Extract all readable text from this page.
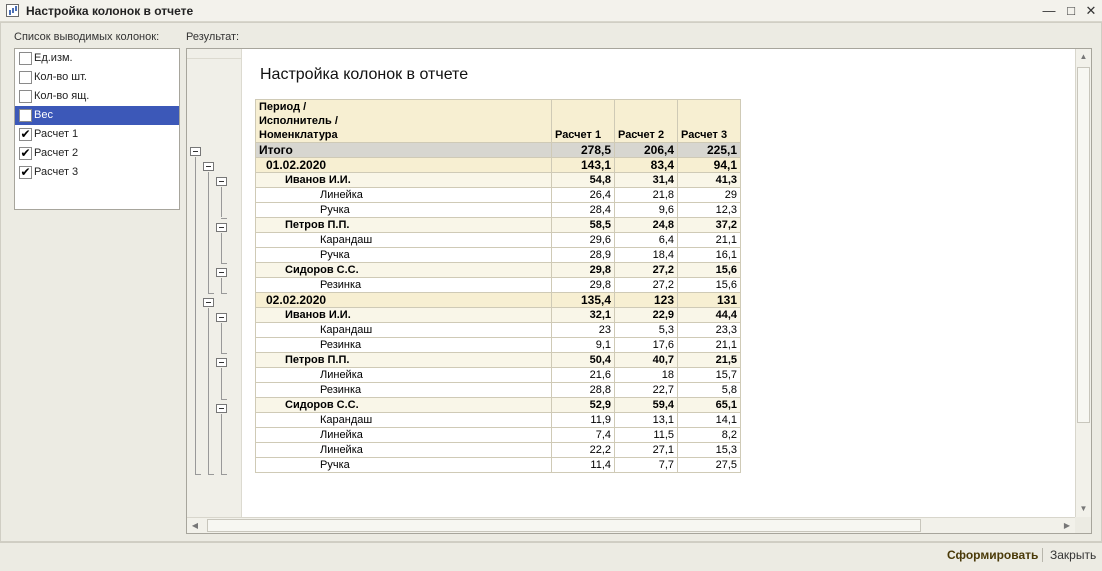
Настройка колонок в отчете	— □ ✕
Список выводимых колонок: Результат:
Ед.изм.
Кол-во шт.
Кол-во ящ.
Вес
✔ Расчет 1
✔ Расчет 2
✔ Расчет 3
Настройка колонок в отчете
Период /
Исполнитель /
Номенклатура	Расчет 1	Расчет 2	Расчет 3
Итого	278,5	206,4	225,1
01.02.2020	143,1	83,4	94,1
Иванов И.И.	54,8	31,4	41,3
Линейка	26,4	21,8	29
Ручка	28,4	9,6	12,3
Петров П.П.	58,5	24,8	37,2
Карандаш	29,6	6,4	21,1
Ручка	28,9	18,4	16,1
Сидоров С.С.	29,8	27,2	15,6
Резинка	29,8	27,2	15,6
02.02.2020	135,4	123	131
Иванов И.И.	32,1	22,9	44,4
Карандаш	23	5,3	23,3
Резинка	9,1	17,6	21,1
Петров П.П.	50,4	40,7	21,5
Линейка	21,6	18	15,7
Резинка	28,8	22,7	5,8
Сидоров С.С.	52,9	59,4	65,1
Карандаш	11,9	13,1	14,1
Линейка	7,4	11,5	8,2
Линейка	22,2	27,1	15,3
Ручка	11,4	7,7	27,5
▲
▼
◀	▶
Сформировать Закрыть
